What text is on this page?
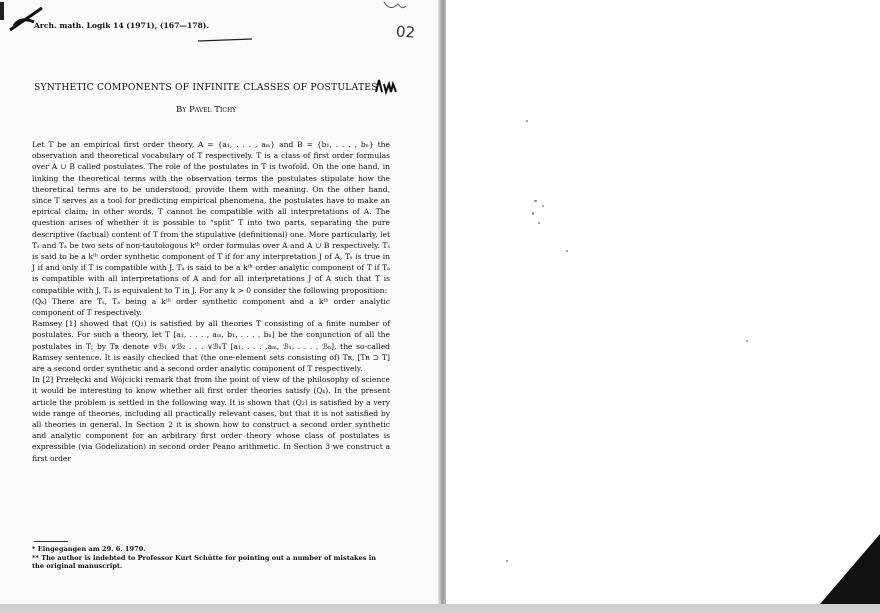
Arch. math. Logik 14 (1971), (167—178).	02
SYNTHETIC COMPONENTS OF INFINITE CLASSES OF POSTULATES
By Pavel Tichý

Let T be an empirical first order theory, A = {a₁, . . . , aₘ} and B = {b₁, . . . , bₙ} the observation and theoretical vocabulary of T respectively. T is a class of first order formulas over A ∪ B called postulates. The role of the postulates in T is twofold. On the one hand, in linking the theoretical terms with the observation terms the postulates stipulate how the theoretical terms are to be understood, provide them with meaning. On the other hand, since T serves as a tool for predicting empirical phenomena, the postulates have to make an epirical claim; in other words, T cannot be compatible with all interpretations of A. The question arises of whether it is possible to “split” T into two parts, separating the pure descriptive (factual) content of T from the stipulative (definitional) one. More particularly, let Tₛ and Tₐ be two sets of non-tautologous kᵗʰ order formulas over A and A ∪ B respectively. Tₛ is said to be a kᵗʰ order synthetic component of T if for any interpretation J of A, Tₛ is true in J if and only if T is compatible with J. Tₐ is said to be a kᵗʰ order analytic component of T if Tₐ is compatible with all interpretations of A and for all interpretations J of A such that T is compatible with J, Tₐ is equivalent to T in J. For any k > 0 consider the following proposition:

(Qₖ) There are Tₛ, Tₐ being a kᵗʰ order synthetic component and a kᵗʰ order analytic component of T respectively.

Ramsey [1] showed that (Q₂) is satisfied by all theories T consisting of a finite number of postulates. For such a theory, let T [a₁, . . . , aₘ, b₁, . . . , bₙ] be the conjunction of all the postulates in T; by Tʀ denote ∨ℬ₁ ∨ℬ₂ . . . ∨ℬₙT [a₁, . . . ,aₘ, ℬ₁, . . . , ℬₙ], the so-called Ramsey sentence. It is easily checked that (the one-element sets consisting of) Tʀ, [Tʀ ⊃ T] are a second order synthetic and a second order analytic component of T respectively.

In [2] Przełęcki and Wójcicki remark that from the point of view of the philosophy of science it would be interesting to know whether all first order theories satisfy (Qₖ). In the present article the problem is settled in the following way. It is shown that (Q₂) is satisfied by a very wide range of theories, including all practically relevant cases, but that it is not satisfied by all theories in general. In Section 2 it is shown how to construct a second order synthetic and analytic component for an arbitrary first order theory whose class of postulates is expressible (via Gödelization) in second order Peano arithmetic. In Section 3 we construct a first order

* Eingegangen am 29. 6. 1970.

** The author is indebted to Professor Kurt Schütte for pointing out a number of mistakes in the original manuscript.
